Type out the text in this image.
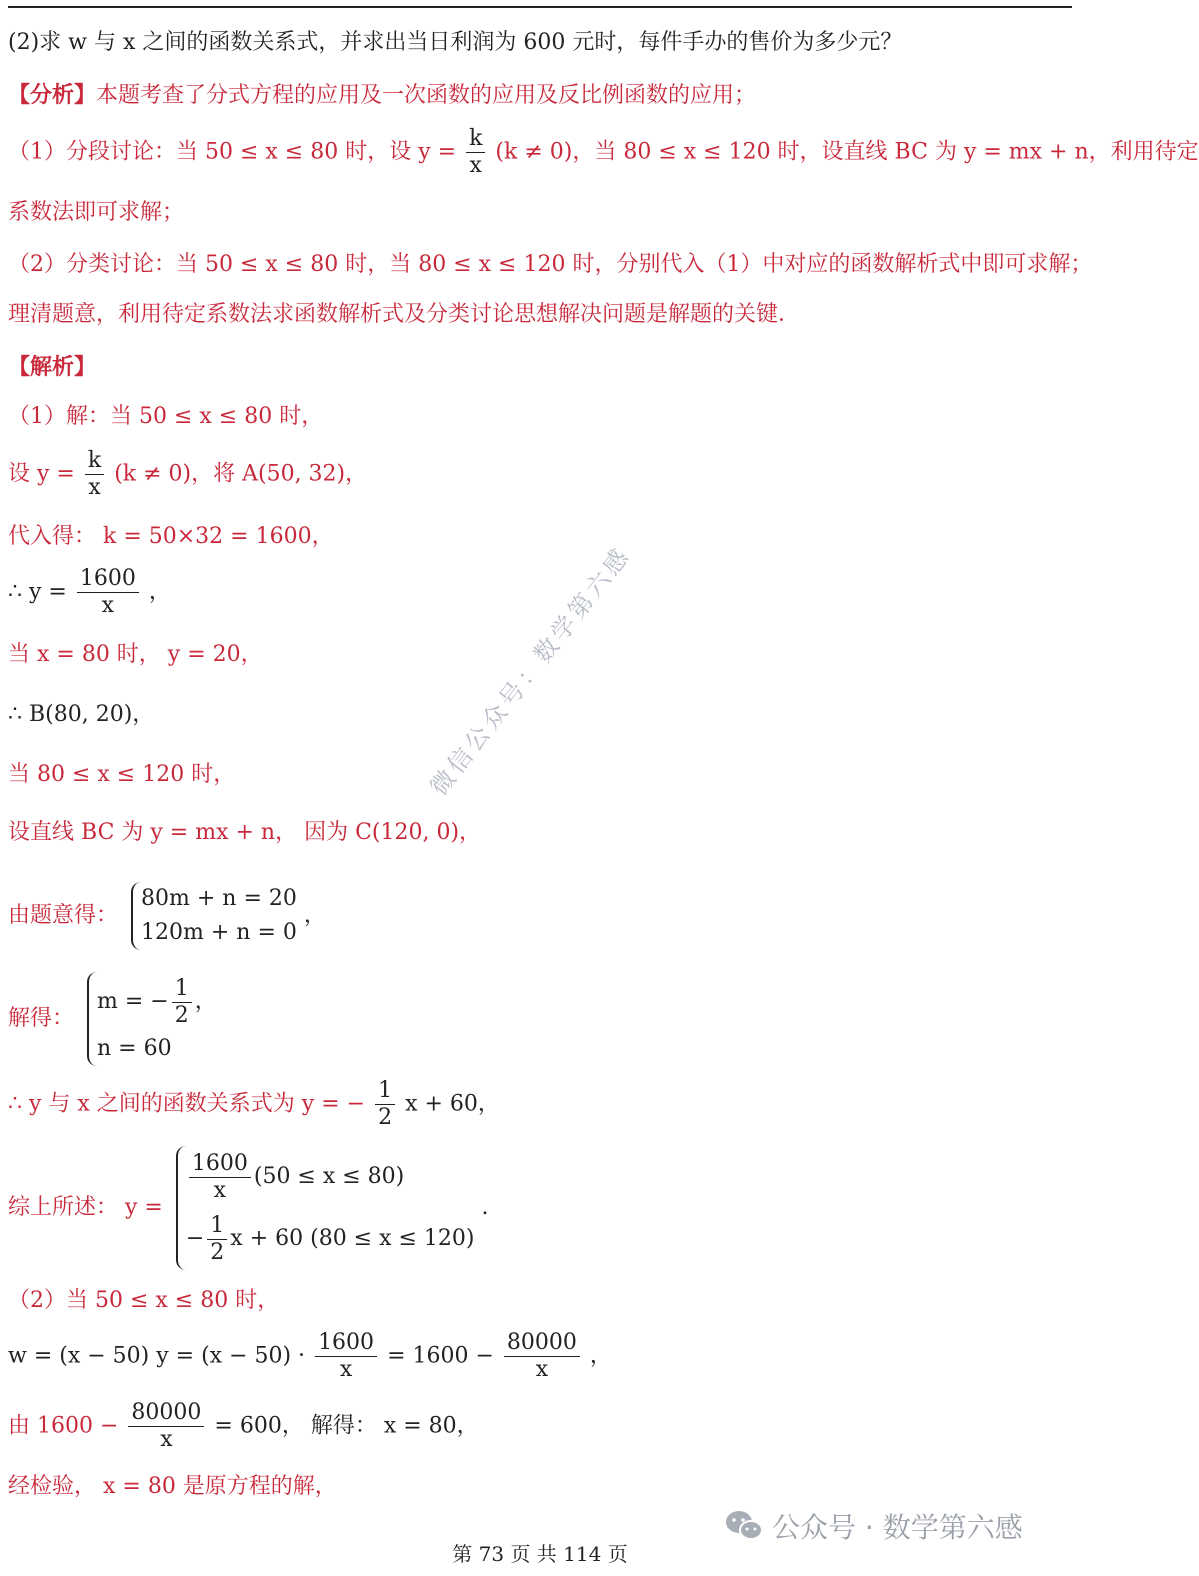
(2)求 w 与 x 之间的函数关系式，并求出当日利润为 600 元时，每件手办的售价为多少元？
【分析】本题考查了分式方程的应用及一次函数的应用及反比例函数的应用；
（1）分段讨论：当 50 ≤ x ≤ 80 时，设 $y = \frac{k}{x} (k \ne 0)$，当 80 ≤ x ≤ 120 时，设直线 BC 为 y = mx + n，利用待定
系数法即可求解；
（2）分类讨论：当 50 ≤ x ≤ 80 时，当 80 ≤ x ≤ 120 时，分别代入（1）中对应的函数解析式中即可求解；
理清题意，利用待定系数法求函数解析式及分类讨论思想解决问题是解题的关键．
【解析】
（1）解：当 50 ≤ x ≤ 80 时，
设 $y = \frac{k}{x} (k \ne 0)$，将 A(50, 32)，
代入得： k = 50×32 = 1600，
∴ $y = \frac{1600}{x}$ ，
当 x = 80 时， y = 20，
∴ B(80, 20)，
当 80 ≤ x ≤ 120 时，
设直线 BC 为 y = mx + n， 因为 C(120, 0)，
由题意得：
80m + n = 20
120m + n = 0
，
解得：
m = − $\frac{1}{2}$ ，
n = 60
∴ y 与 x 之间的函数关系式为 y = − $\frac{1}{2}$ x + 60，
综上所述： y =
$\frac{1600}{x} (50 \le x \le 80)$
− $\frac{1}{2}$ x + 60 (80 ≤ x ≤ 120)
.
（2）当 50 ≤ x ≤ 80 时，
w = (x − 50) $y = (x - 50) \cdot \frac{1600}{x} = 1600 - \frac{80000}{x}$ ，
由 $1600 - \frac{80000}{x} = 600$， 解得： x = 80，
经检验， x = 80 是原方程的解，
微信公众号：数学第六感
公众号 · 数学第六感
第 73 页 共 114 页
